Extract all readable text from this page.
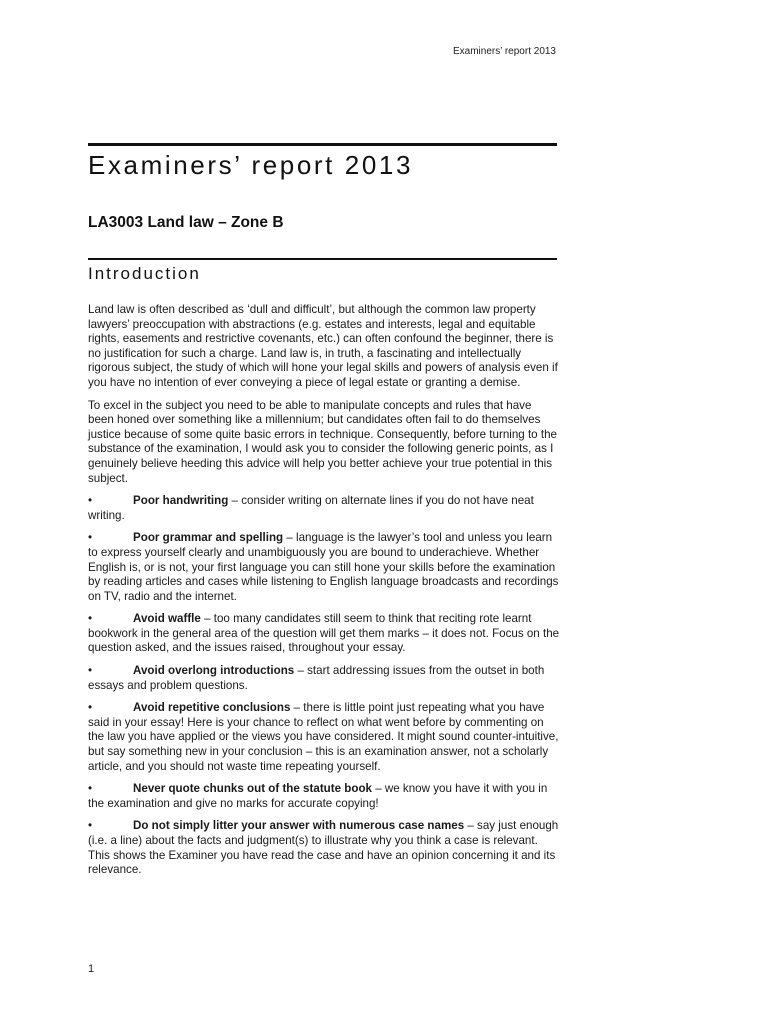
Examiners’ report 2013
Examiners’ report 2013
LA3003 Land law – Zone B
Introduction

Land law is often described as ‘dull and difficult’, but although the common law property lawyers’ preoccupation with abstractions (e.g. estates and interests, legal and equitable rights, easements and restrictive covenants, etc.) can often confound the beginner, there is no justification for such a charge. Land law is, in truth, a fascinating and intellectually rigorous subject, the study of which will hone your legal skills and powers of analysis even if you have no intention of ever conveying a piece of legal estate or granting a demise.

To excel in the subject you need to be able to manipulate concepts and rules that have been honed over something like a millennium; but candidates often fail to do themselves justice because of some quite basic errors in technique. Consequently, before turning to the substance of the examination, I would ask you to consider the following generic points, as I genuinely believe heeding this advice will help you better achieve your true potential in this subject.

•	Poor handwriting – consider writing on alternate lines if you do not have neat writing.

•	Poor grammar and spelling – language is the lawyer’s tool and unless you learn to express yourself clearly and unambiguously you are bound to underachieve. Whether English is, or is not, your first language you can still hone your skills before the examination by reading articles and cases while listening to English language broadcasts and recordings on TV, radio and the internet.

•	Avoid waffle – too many candidates still seem to think that reciting rote learnt bookwork in the general area of the question will get them marks – it does not. Focus on the question asked, and the issues raised, throughout your essay.

•	Avoid overlong introductions – start addressing issues from the outset in both essays and problem questions.

•	Avoid repetitive conclusions – there is little point just repeating what you have said in your essay! Here is your chance to reflect on what went before by commenting on the law you have applied or the views you have considered. It might sound counter-intuitive, but say something new in your conclusion – this is an examination answer, not a scholarly article, and you should not waste time repeating yourself.

•	Never quote chunks out of the statute book – we know you have it with you in the examination and give no marks for accurate copying!

•	Do not simply litter your answer with numerous case names – say just enough (i.e. a line) about the facts and judgment(s) to illustrate why you think a case is relevant. This shows the Examiner you have read the case and have an opinion concerning it and its relevance.

1
